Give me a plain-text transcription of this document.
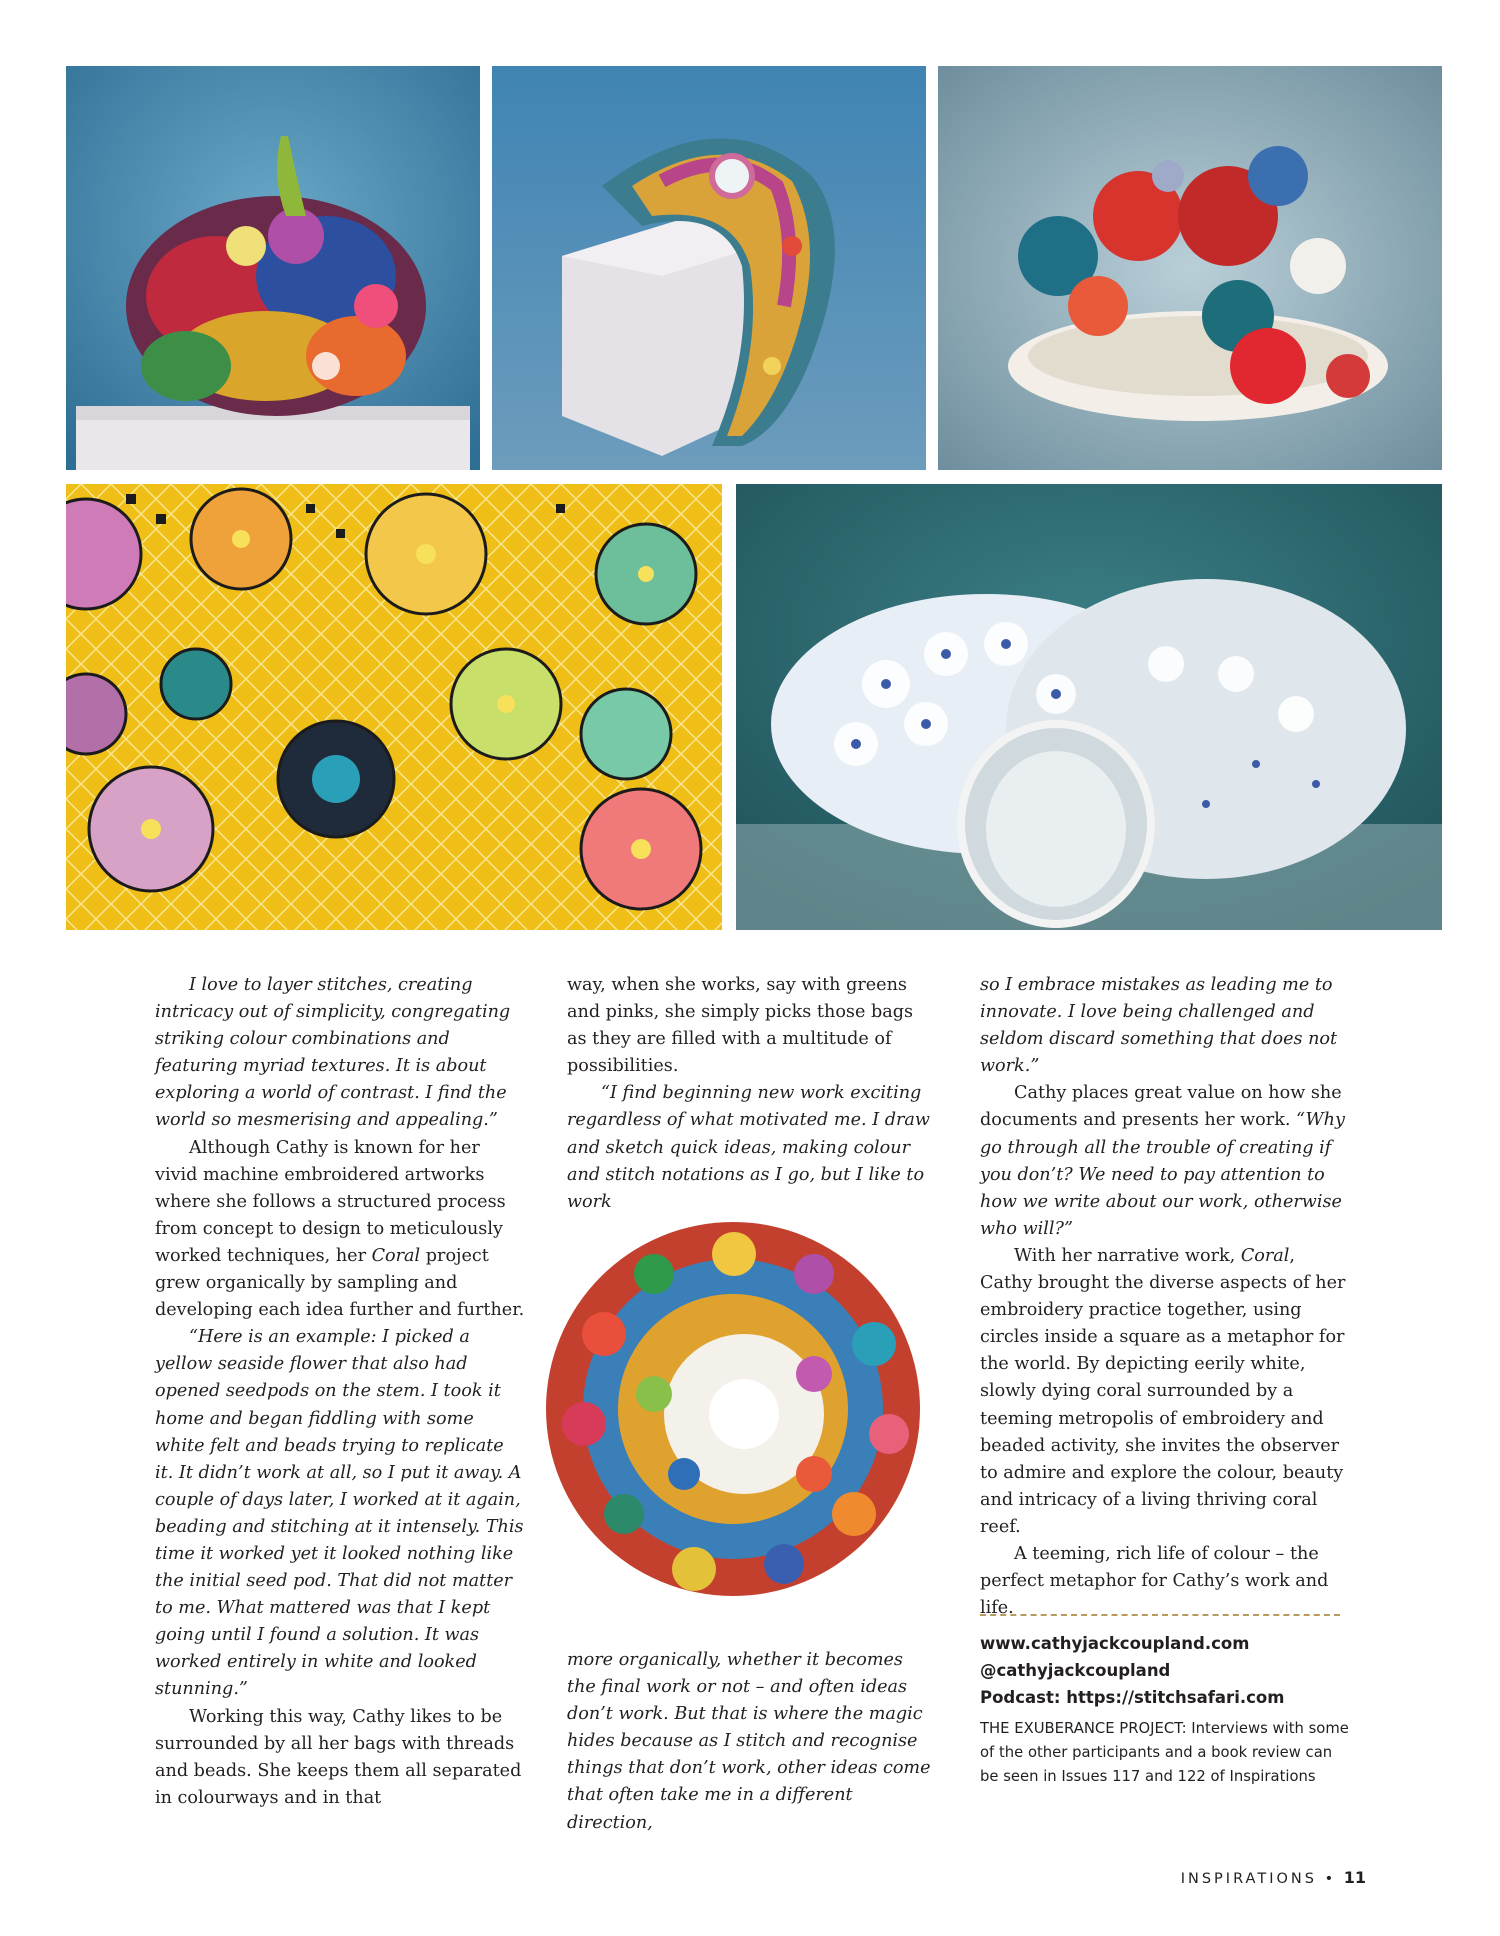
I love to layer stitches, creating intricacy out of simplicity, congregating striking colour combinations and featuring myriad textures. It is about exploring a world of contrast. I find the world so mesmerising and appealing.”

Although Cathy is known for her vivid machine embroidered artworks where she follows a structured process from concept to design to meticulously worked techniques, her Coral project grew organically by sampling and developing each idea further and further.

“Here is an example: I picked a yellow seaside flower that also had opened seedpods on the stem. I took it home and began fiddling with some white felt and beads trying to replicate it. It didn’t work at all, so I put it away. A couple of days later, I worked at it again, beading and stitching at it intensely. This time it worked yet it looked nothing like the initial seed pod. That did not matter to me. What mattered was that I kept going until I found a solution. It was worked entirely in white and looked stunning.”

Working this way, Cathy likes to be surrounded by all her bags with threads and beads. She keeps them all separated in colourways and in that

way, when she works, say with greens and pinks, she simply picks those bags as they are filled with a multitude of possibilities.

“I find beginning new work exciting regardless of what motivated me. I draw and sketch quick ideas, making colour and stitch notations as I go, but I like to work

more organically, whether it becomes the final work or not – and often ideas don’t work. But that is where the magic hides because as I stitch and recognise things that don’t work, other ideas come that often take me in a different direction,

so I embrace mistakes as leading me to innovate. I love being challenged and seldom discard something that does not work.”

Cathy places great value on how she documents and presents her work. “Why go through all the trouble of creating if you don’t? We need to pay attention to how we write about our work, otherwise who will?”

With her narrative work, Coral, Cathy brought the diverse aspects of her embroidery practice together, using circles inside a square as a metaphor for the world. By depicting eerily white, slowly dying coral surrounded by a teeming metropolis of embroidery and beaded activity, she invites the observer to admire and explore the colour, beauty and intricacy of a living thriving coral reef.

A teeming, rich life of colour – the perfect metaphor for Cathy’s work and life.

www.cathyjackcoupland.com
@cathyjackcoupland
Podcast: https://stitchsafari.com
THE EXUBERANCE PROJECT: Interviews with some of the other participants and a book review can be seen in Issues 117 and 122 of Inspirations
INSPIRATIONS • 11
